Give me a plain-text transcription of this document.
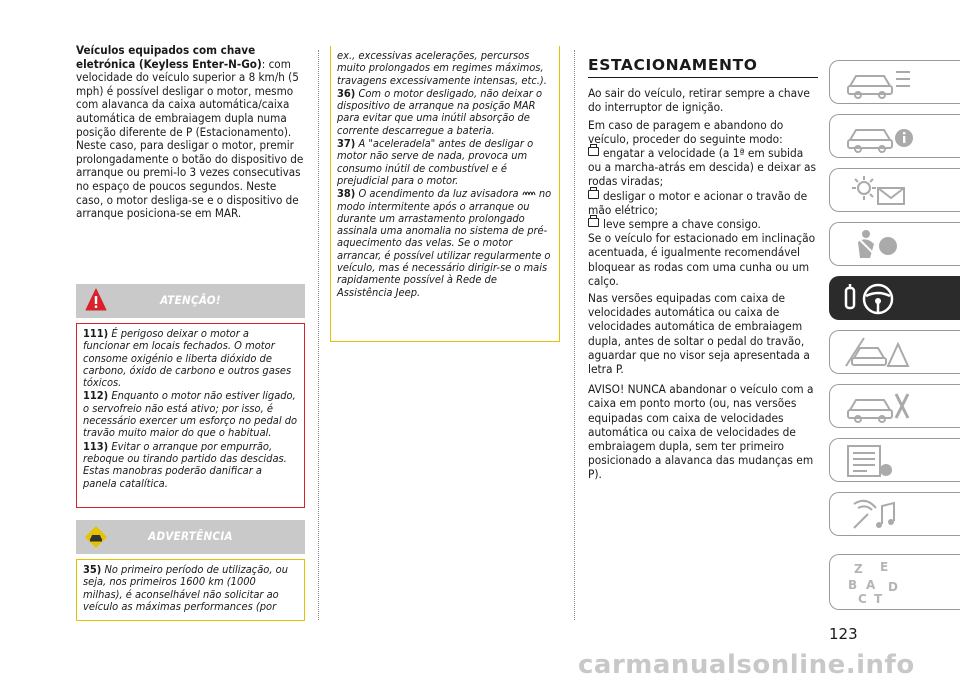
Veículos equipados com chave eletrónica (Keyless Enter-N-Go): com velocidade do veículo superior a 8 km/h (5 mph) é possível desligar o motor, mesmo com alavanca da caixa automática/caixa automática de embraiagem dupla numa posição diferente de P (Estacionamento). Neste caso, para desligar o motor, premir prolongadamente o botão do dispositivo de arranque ou premi-lo 3 vezes consecutivas no espaço de poucos segundos. Neste caso, o motor desliga-se e o dispositivo de arranque posiciona-se em MAR.

ATENÇÃO!

111) É perigoso deixar o motor a funcionar em locais fechados. O motor consome oxigénio e liberta dióxido de carbono, óxido de carbono e outros gases tóxicos.

112) Enquanto o motor não estiver ligado, o servofreio não está ativo; por isso, é necessário exercer um esforço no pedal do travão muito maior do que o habitual.

113) Evitar o arranque por empurrão, reboque ou tirando partido das descidas. Estas manobras poderão danificar a panela catalítica.

ADVERTÊNCIA

35) No primeiro período de utilização, ou seja, nos primeiros 1600 km (1000 milhas), é aconselhável não solicitar ao veículo as máximas performances (por

ex., excessivas acelerações, percursos muito prolongados em regimes máximos, travagens excessivamente intensas, etc.).

36) Com o motor desligado, não deixar o dispositivo de arranque na posição MAR para evitar que uma inútil absorção de corrente descarregue a bateria.

37) A "aceleradela" antes de desligar o motor não serve de nada, provoca um consumo inútil de combustível e é prejudicial para o motor.

38) O acendimento da luz avisadora no modo intermitente após o arranque ou durante um arrastamento prolongado assinala uma anomalia no sistema de pré-aquecimento das velas. Se o motor arrancar, é possível utilizar regularmente o veículo, mas é necessário dirigir-se o mais rapidamente possível à Rede de Assistência Jeep.

ESTACIONAMENTO

Ao sair do veículo, retirar sempre a chave do interruptor de ignição.

Em caso de paragem e abandono do veículo, proceder do seguinte modo:

engatar a velocidade (a 1ª em subida ou a marcha-atrás em descida) e deixar as rodas viradas;

desligar o motor e acionar o travão de mão elétrico;

leve sempre a chave consigo.

Se o veículo for estacionado em inclinação acentuada, é igualmente recomendável bloquear as rodas com uma cunha ou um calço.

Nas versões equipadas com caixa de velocidades automática ou caixa de velocidades automática de embraiagem dupla, antes de soltar o pedal do travão, aguardar que no visor seja apresentada a letra P.

AVISO! NUNCA abandonar o veículo com a caixa em ponto morto (ou, nas versões equipadas com caixa de velocidades automática ou caixa de velocidades de embraiagem dupla, sem ter primeiro posicionado a alavanca das mudanças em P).

Z E
B A D
C T
123
carmanualsonline.info
